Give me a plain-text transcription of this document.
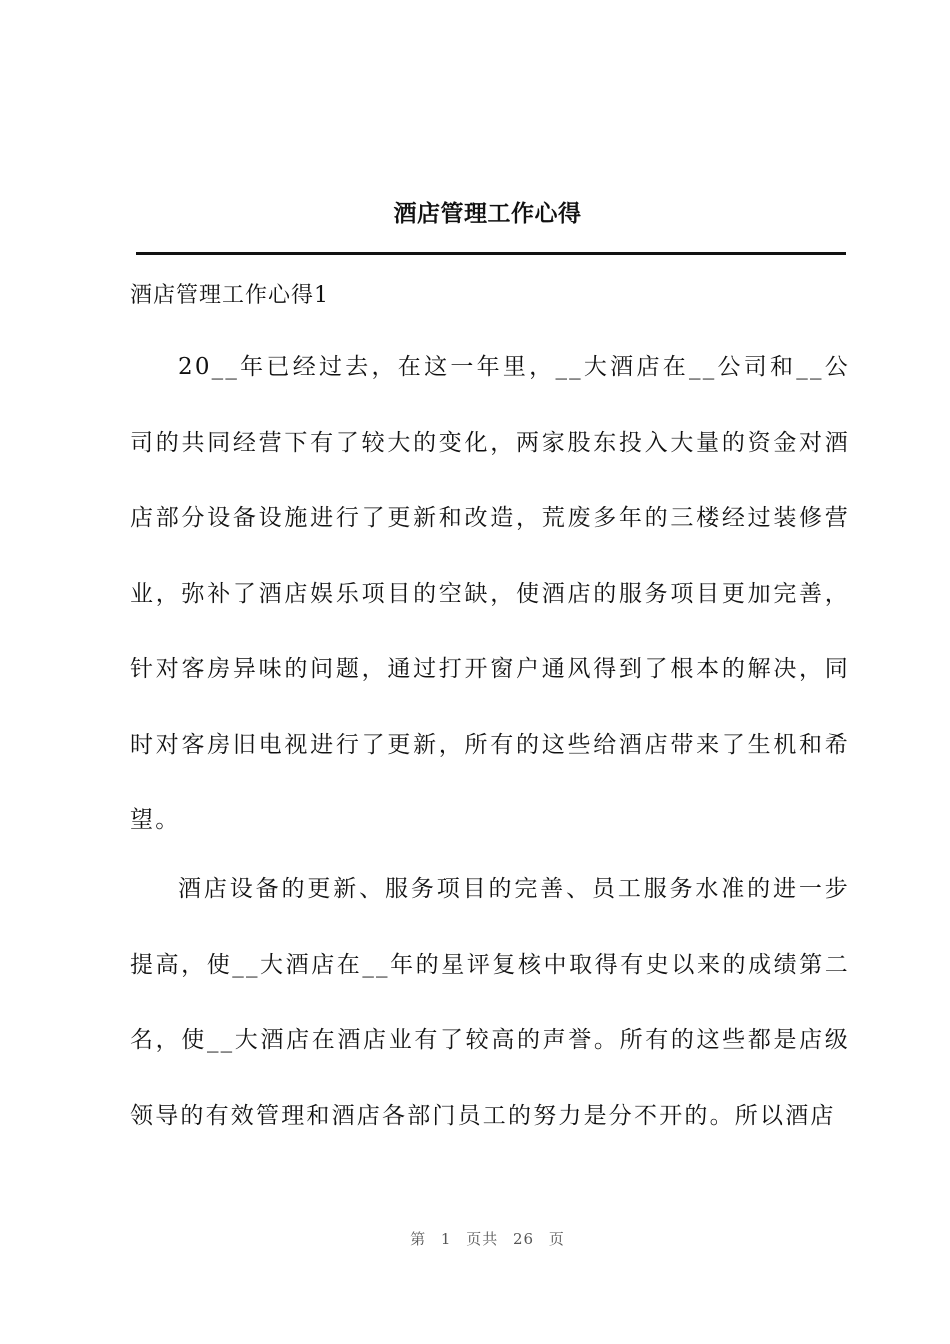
酒店管理工作心得
酒店管理工作心得1

20__年已经过去，在这一年里，__大酒店在__公司和__公司的共同经营下有了较大的变化，两家股东投入大量的资金对酒店部分设备设施进行了更新和改造，荒废多年的三楼经过装修营业，弥补了酒店娱乐项目的空缺，使酒店的服务项目更加完善，针对客房异味的问题，通过打开窗户通风得到了根本的解决，同时对客房旧电视进行了更新，所有的这些给酒店带来了生机和希望。

酒店设备的更新、服务项目的完善、员工服务水准的进一步提高，使__大酒店在__年的星评复核中取得有史以来的成绩第二名，使__大酒店在酒店业有了较高的声誉。所有的这些都是店级领导的有效管理和酒店各部门员工的努力是分不开的。所以酒店

第 1 页共 26 页
